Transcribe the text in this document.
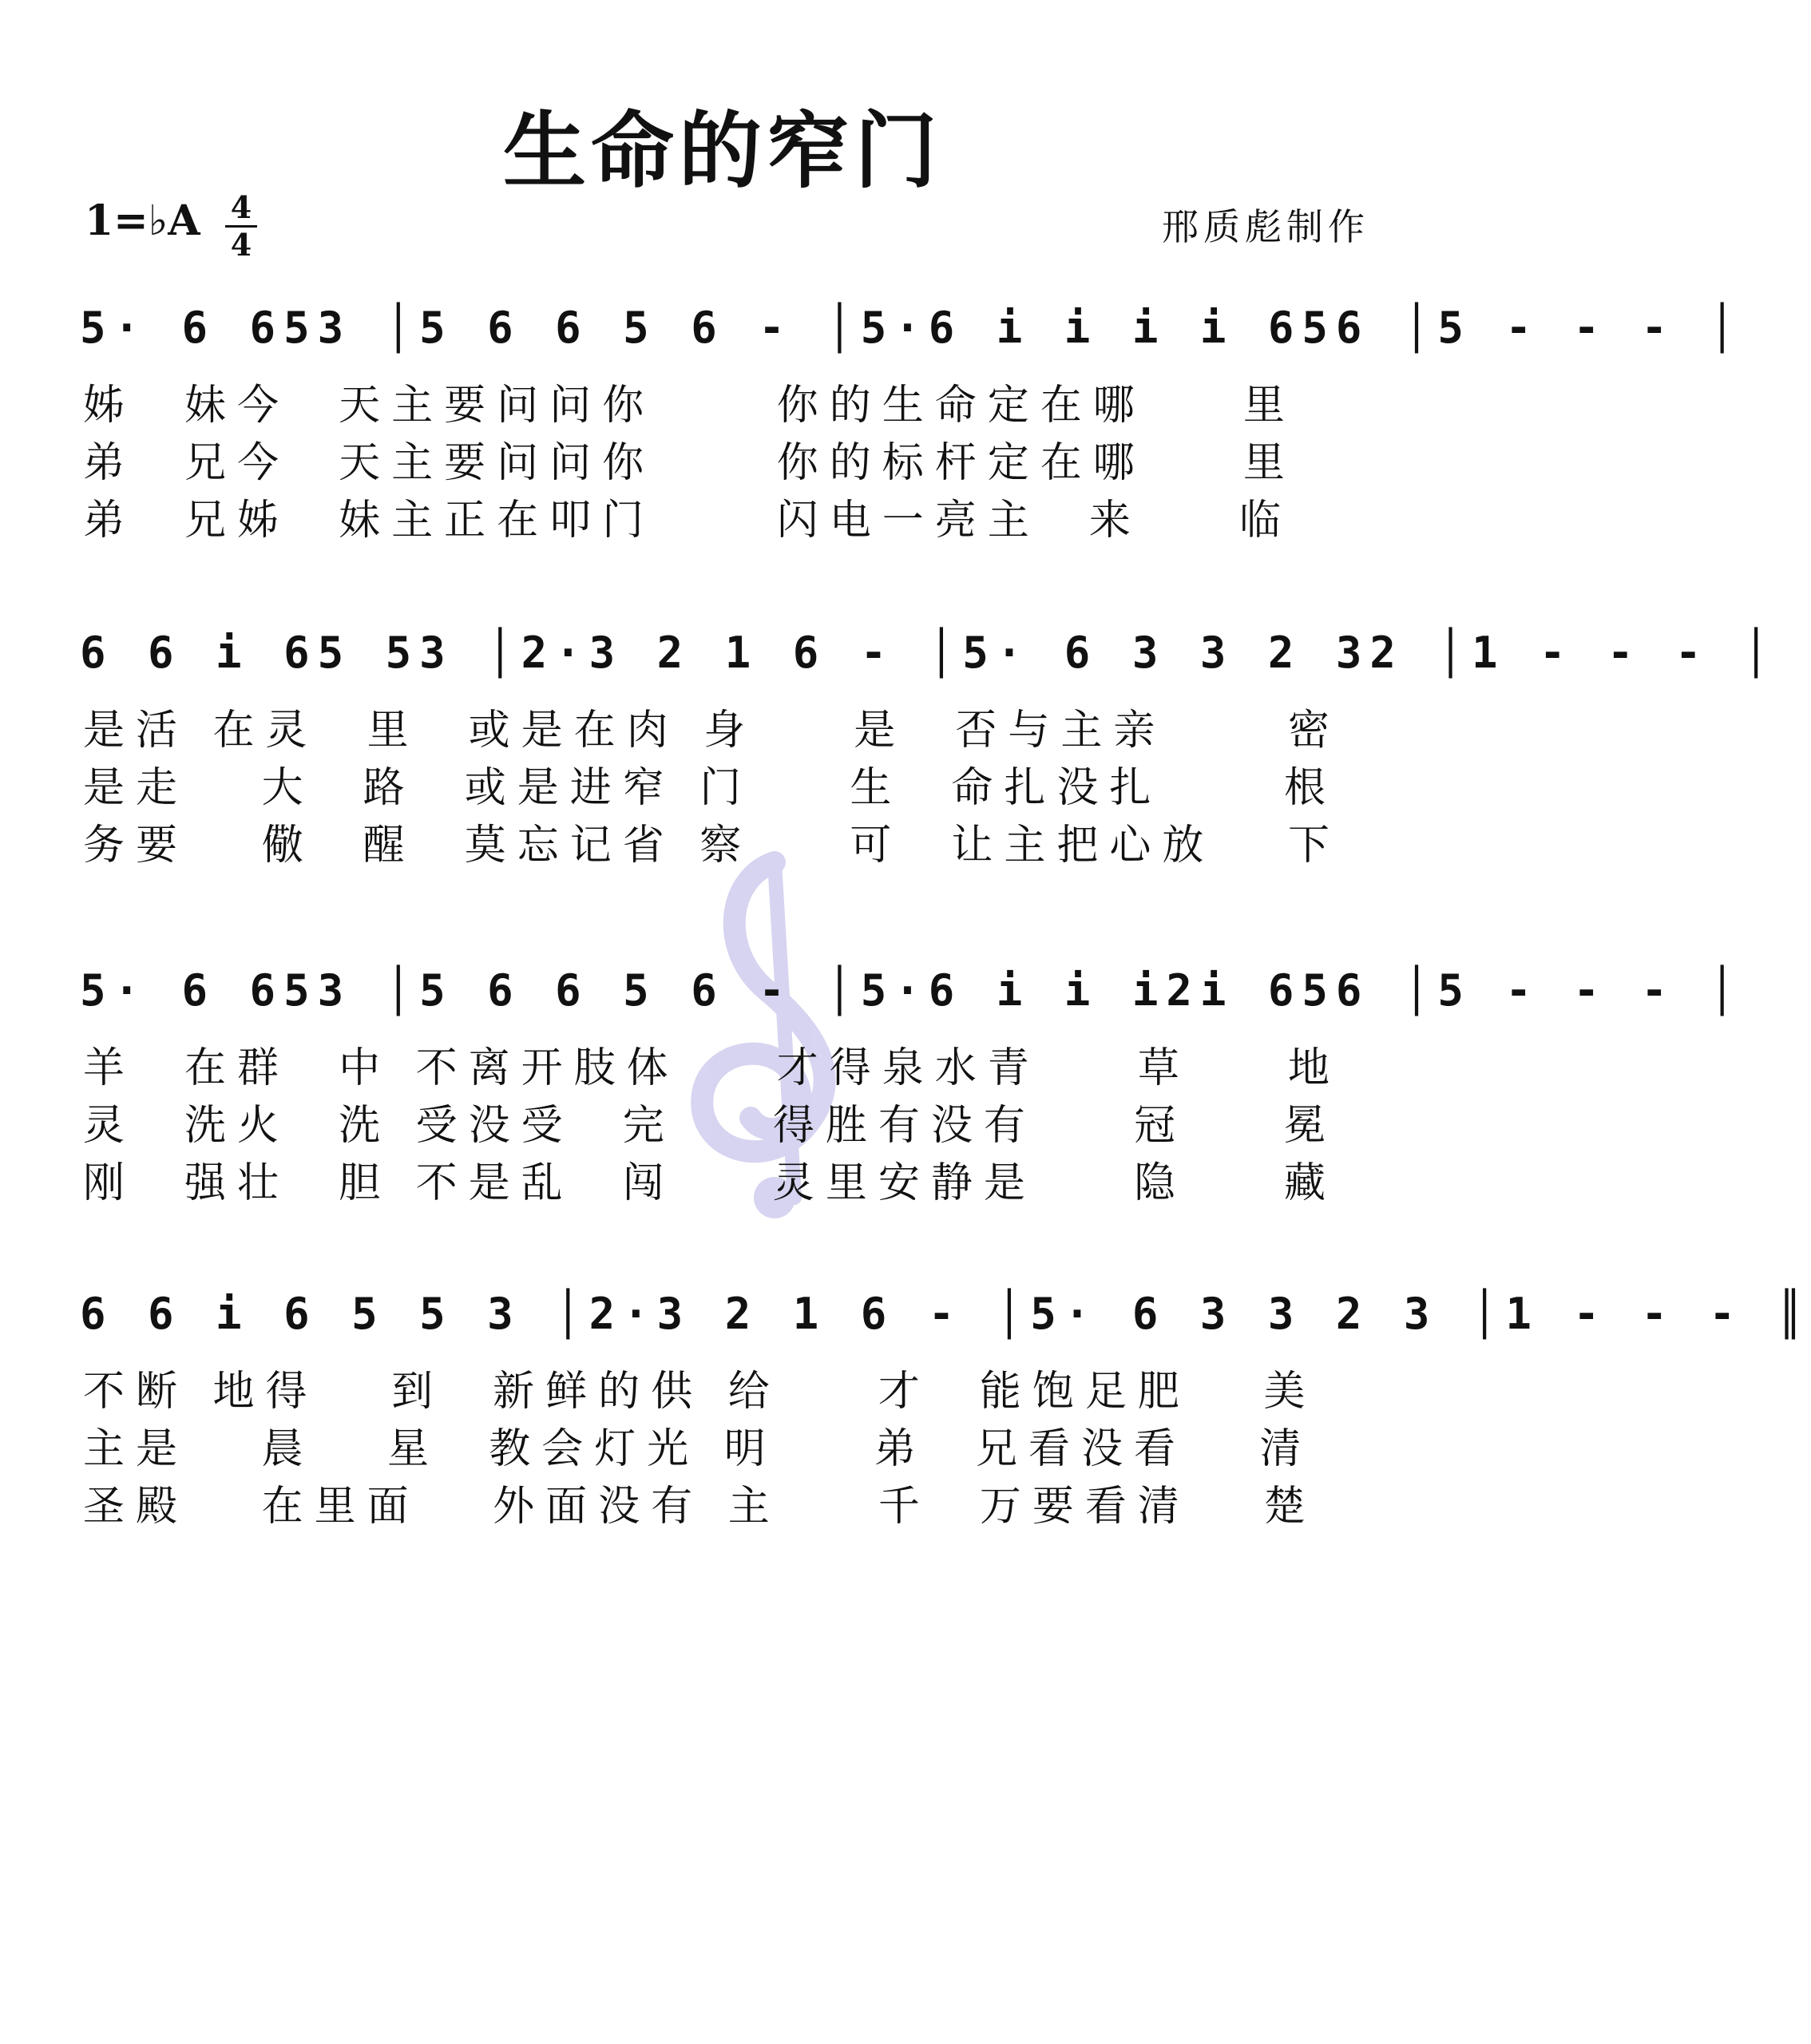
生命的窄门
1=♭A 4
4	邢质彪制作
5· 6 653 │5 6 6 5 6 - │5·6 i i i i 656 │5 - - - │
姊  妹今  天主要问问你     你的生命定在哪    里
弟  兄今  天主要问问你     你的标杆定在哪    里
弟  兄姊  妹主正在叩门     闪电一亮主  来    临
6 6 i 65 53 │2·3 2 1 6 - │5· 6 3 3 2 32 │1 - - - │
是活 在灵  里  或是在肉 身    是  否与主亲     密
是走   大  路  或是进窄 门    生  命扎没扎     根
务要   儆  醒  莫忘记省 察    可  让主把心放   下
5· 6 653 │5 6 6 5 6 - │5·6 i i i2i 656 │5 - - - │
羊  在群  中 不离开肢体    才得泉水青    草    地
灵  洗火  洗 受没受  完    得胜有没有    冠    冕
刚  强壮  胆 不是乱  闯    灵里安静是    隐    藏
6 6 i 6 5 5 3 │2·3 2 1 6 - │5· 6 3 3 2 3 │1 - - - ║
不断 地得   到  新鲜的供 给    才  能饱足肥   美
主是   晨   星  教会灯光 明    弟  兄看没看   清
圣殿   在里面   外面没有 主    千  万要看清   楚
